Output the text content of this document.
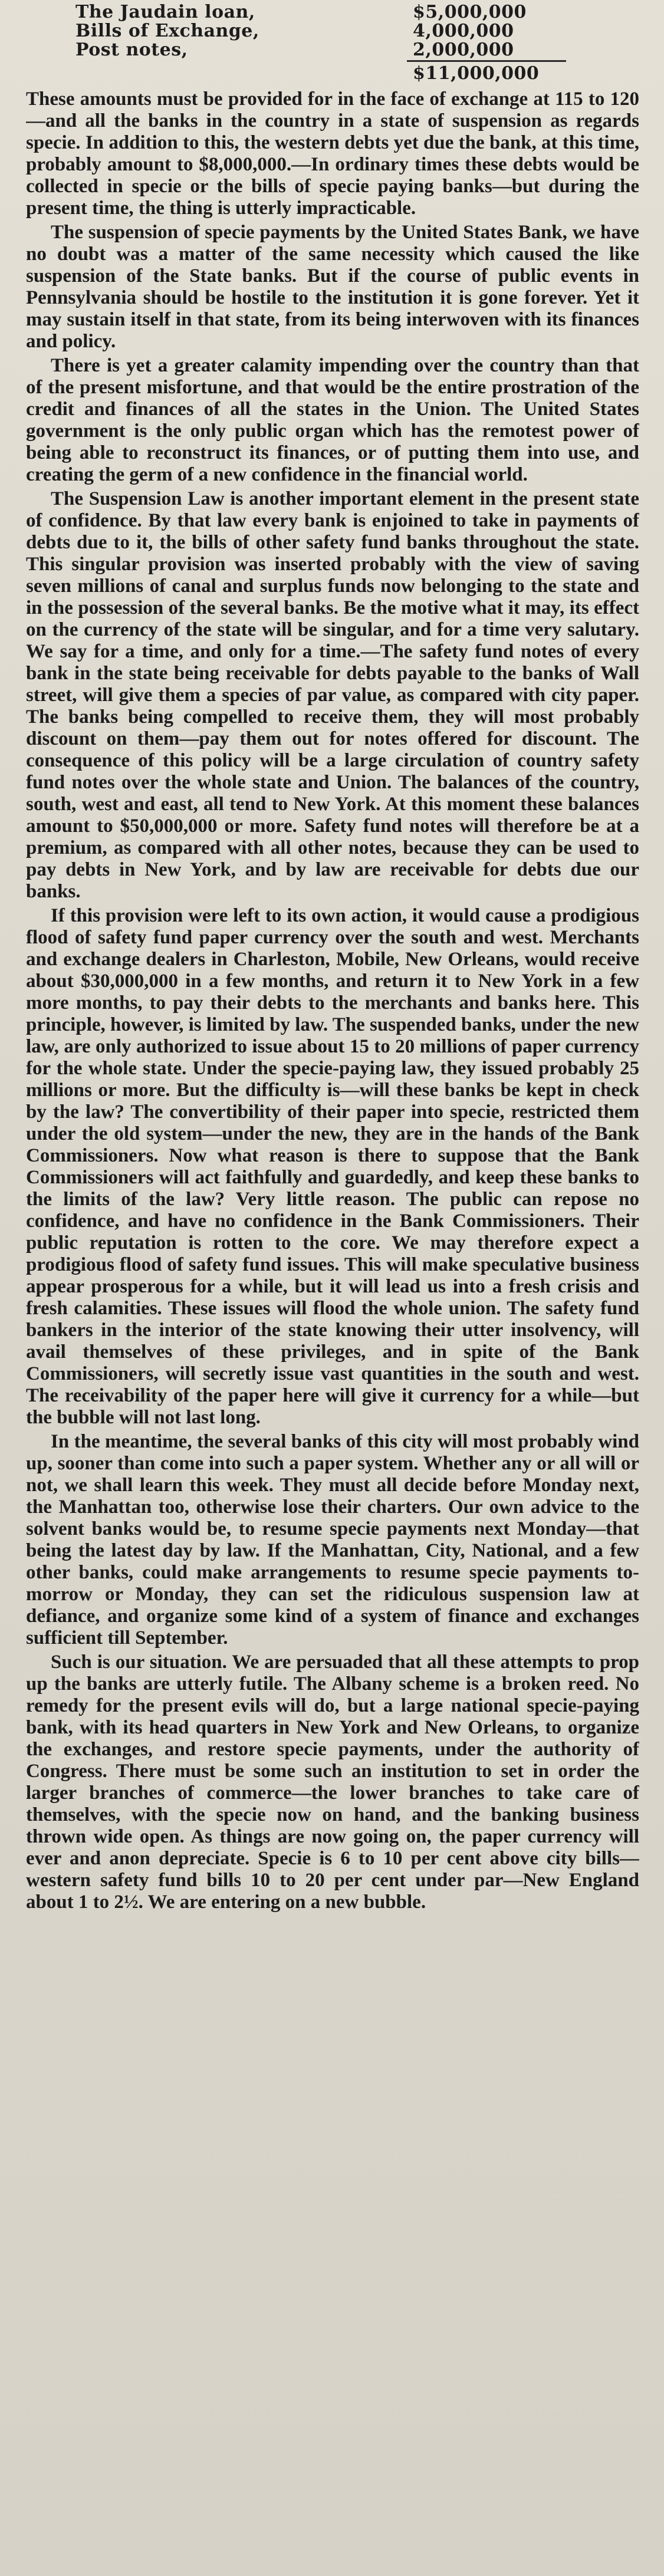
The Jaudain loan,	$5,000,000
Bills of Exchange,	4,000,000
Post notes,	2,000,000
$11,000,000

These amounts must be provided for in the face of exchange at 115 to 120—and all the banks in the country in a state of suspension as regards specie. In addition to this, the western debts yet due the bank, at this time, probably amount to $8,000,000.—In ordinary times these debts would be collected in specie or the bills of specie paying banks—but during the present time, the thing is utterly impracticable.

The suspension of specie payments by the United States Bank, we have no doubt was a matter of the same necessity which caused the like suspension of the State banks. But if the course of public events in Pennsylvania should be hostile to the institution it is gone forever. Yet it may sustain itself in that state, from its being interwoven with its finances and policy.

There is yet a greater calamity impending over the country than that of the present misfortune, and that would be the entire prostration of the credit and finances of all the states in the Union. The United States government is the only public organ which has the remotest power of being able to reconstruct its finances, or of putting them into use, and creating the germ of a new confidence in the financial world.

The Suspension Law is another important element in the present state of confidence. By that law every bank is enjoined to take in payments of debts due to it, the bills of other safety fund banks throughout the state. This singular provision was inserted probably with the view of saving seven millions of canal and surplus funds now belonging to the state and in the possession of the several banks. Be the motive what it may, its effect on the currency of the state will be singular, and for a time very salutary. We say for a time, and only for a time.—The safety fund notes of every bank in the state being receivable for debts payable to the banks of Wall street, will give them a species of par value, as compared with city paper. The banks being compelled to receive them, they will most probably discount on them—pay them out for notes offered for discount. The consequence of this policy will be a large circulation of country safety fund notes over the whole state and Union. The balances of the country, south, west and east, all tend to New York. At this moment these balances amount to $50,000,000 or more. Safety fund notes will therefore be at a premium, as compared with all other notes, because they can be used to pay debts in New York, and by law are receivable for debts due our banks.

If this provision were left to its own action, it would cause a prodigious flood of safety fund paper currency over the south and west. Merchants and exchange dealers in Charleston, Mobile, New Orleans, would receive about $30,000,000 in a few months, and return it to New York in a few more months, to pay their debts to the merchants and banks here. This principle, however, is limited by law. The suspended banks, under the new law, are only authorized to issue about 15 to 20 millions of paper currency for the whole state. Under the specie-paying law, they issued probably 25 millions or more. But the difficulty is—will these banks be kept in check by the law? The convertibility of their paper into specie, restricted them under the old system—under the new, they are in the hands of the Bank Commissioners. Now what reason is there to suppose that the Bank Commissioners will act faithfully and guardedly, and keep these banks to the limits of the law? Very little reason. The public can repose no confidence, and have no confidence in the Bank Commissioners. Their public reputation is rotten to the core. We may therefore expect a prodigious flood of safety fund issues. This will make speculative business appear prosperous for a while, but it will lead us into a fresh crisis and fresh calamities. These issues will flood the whole union. The safety fund bankers in the interior of the state knowing their utter insolvency, will avail themselves of these privileges, and in spite of the Bank Commissioners, will secretly issue vast quantities in the south and west. The receivability of the paper here will give it currency for a while—but the bubble will not last long.

In the meantime, the several banks of this city will most probably wind up, sooner than come into such a paper system. Whether any or all will or not, we shall learn this week. They must all decide before Monday next, the Manhattan too, otherwise lose their charters. Our own advice to the solvent banks would be, to resume specie payments next Monday—that being the latest day by law. If the Manhattan, City, National, and a few other banks, could make arrangements to resume specie payments to-morrow or Monday, they can set the ridiculous suspension law at defiance, and organize some kind of a system of finance and exchanges sufficient till September.

Such is our situation. We are persuaded that all these attempts to prop up the banks are utterly futile. The Albany scheme is a broken reed. No remedy for the present evils will do, but a large national specie-paying bank, with its head quarters in New York and New Orleans, to organize the exchanges, and restore specie payments, under the authority of Congress. There must be some such an institution to set in order the larger branches of commerce—the lower branches to take care of themselves, with the specie now on hand, and the banking business thrown wide open. As things are now going on, the paper currency will ever and anon depreciate. Specie is 6 to 10 per cent above city bills—western safety fund bills 10 to 20 per cent under par—New England about 1 to 2½. We are entering on a new bubble.
